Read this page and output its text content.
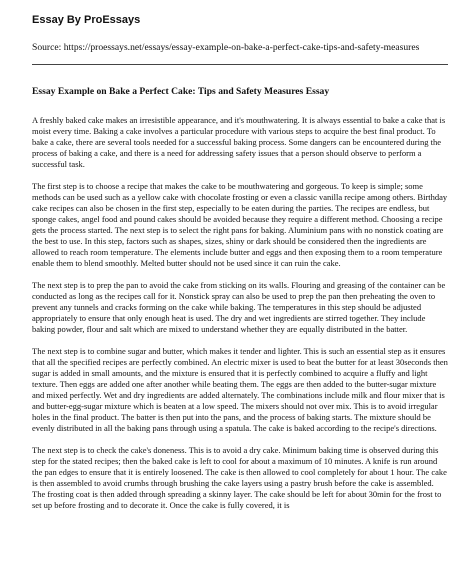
Essay By ProEssays
Source: https://proessays.net/essays/essay-example-on-bake-a-perfect-cake-tips-and-safety-measures
Essay Example on Bake a Perfect Cake: Tips and Safety Measures Essay

A freshly baked cake makes an irresistible appearance, and it's mouthwatering. It is always essential to bake a cake that is moist every time. Baking a cake involves a particular procedure with various steps to acquire the best final product. To bake a cake, there are several tools needed for a successful baking process. Some dangers can be encountered during the process of baking a cake, and there is a need for addressing safety issues that a person should observe to perform a successful task.

The first step is to choose a recipe that makes the cake to be mouthwatering and gorgeous. To keep is simple; some methods can be used such as a yellow cake with chocolate frosting or even a classic vanilla recipe among others. Birthday cake recipes can also be chosen in the first step, especially to be eaten during the parties. The recipes are endless, but sponge cakes, angel food and pound cakes should be avoided because they require a different method. Choosing a recipe gets the process started. The next step is to select the right pans for baking. Aluminium pans with no nonstick coating are the best to use. In this step, factors such as shapes, sizes, shiny or dark should be considered then the ingredients are allowed to reach room temperature. The elements include butter and eggs and then exposing them to a room temperature enable them to blend smoothly. Melted butter should not be used since it can ruin the cake.

The next step is to prep the pan to avoid the cake from sticking on its walls. Flouring and greasing of the container can be conducted as long as the recipes call for it. Nonstick spray can also be used to prep the pan then preheating the oven to prevent any tunnels and cracks forming on the cake while baking. The temperatures in this step should be adjusted appropriately to ensure that only enough heat is used. The dry and wet ingredients are stirred together. They include baking powder, flour and salt which are mixed to understand whether they are equally distributed in the batter.

The next step is to combine sugar and butter, which makes it tender and lighter. This is such an essential step as it ensures that all the specified recipes are perfectly combined. An electric mixer is used to beat the butter for at least 30seconds then sugar is added in small amounts, and the mixture is ensured that it is perfectly combined to acquire a fluffy and light texture. Then eggs are added one after another while beating them. The eggs are then added to the butter-sugar mixture and mixed perfectly. Wet and dry ingredients are added alternately. The combinations include milk and flour mixer that is and butter-egg-sugar mixture which is beaten at a low speed. The mixers should not over mix. This is to avoid irregular holes in the final product. The batter is then put into the pans, and the process of baking starts. The mixture should be evenly distributed in all the baking pans through using a spatula. The cake is baked according to the recipe's directions.

The next step is to check the cake's doneness. This is to avoid a dry cake. Minimum baking time is observed during this step for the stated recipes; then the baked cake is left to cool for about a maximum of 10 minutes. A knife is run around the pan edges to ensure that it is entirely loosened. The cake is then allowed to cool completely for about 1 hour. The cake is then assembled to avoid crumbs through brushing the cake layers using a pastry brush before the cake is assembled. The frosting coat is then added through spreading a skinny layer. The cake should be left for about 30min for the frost to set up before frosting and to decorate it. Once the cake is fully covered, it is
